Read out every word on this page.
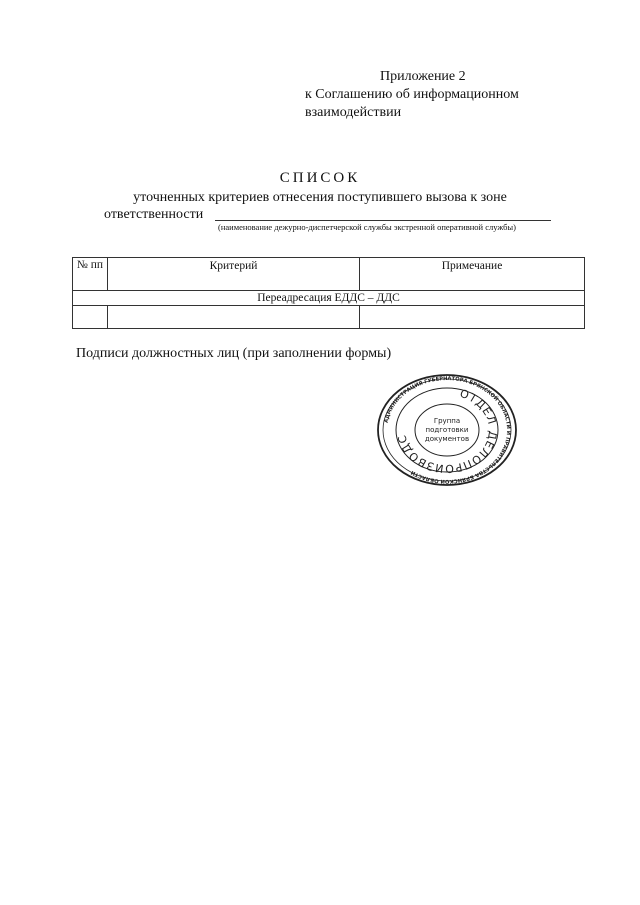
Приложение 2
к Соглашению об информационном
взаимодействии
СПИСОК
уточненных критериев отнесения поступившего вызова к зоне
ответственности
(наименование дежурно-диспетчерской службы экстренной оперативной службы)
№ пп	Критерий	Примечание
Переадресация ЕДДС – ДДС		

Подписи должностных лиц (при заполнении формы)
АДМИНИСТРАЦИЯ ГУБЕРНАТОРА БРЯНСКОЙ ОБЛАСТИ И ПРАВИТЕЛЬСТВА БРЯНСКОЙ ОБЛАСТИ
ОТДЕЛ ДЕЛОПРОИЗВОДС
Группа
подготовки
документов
